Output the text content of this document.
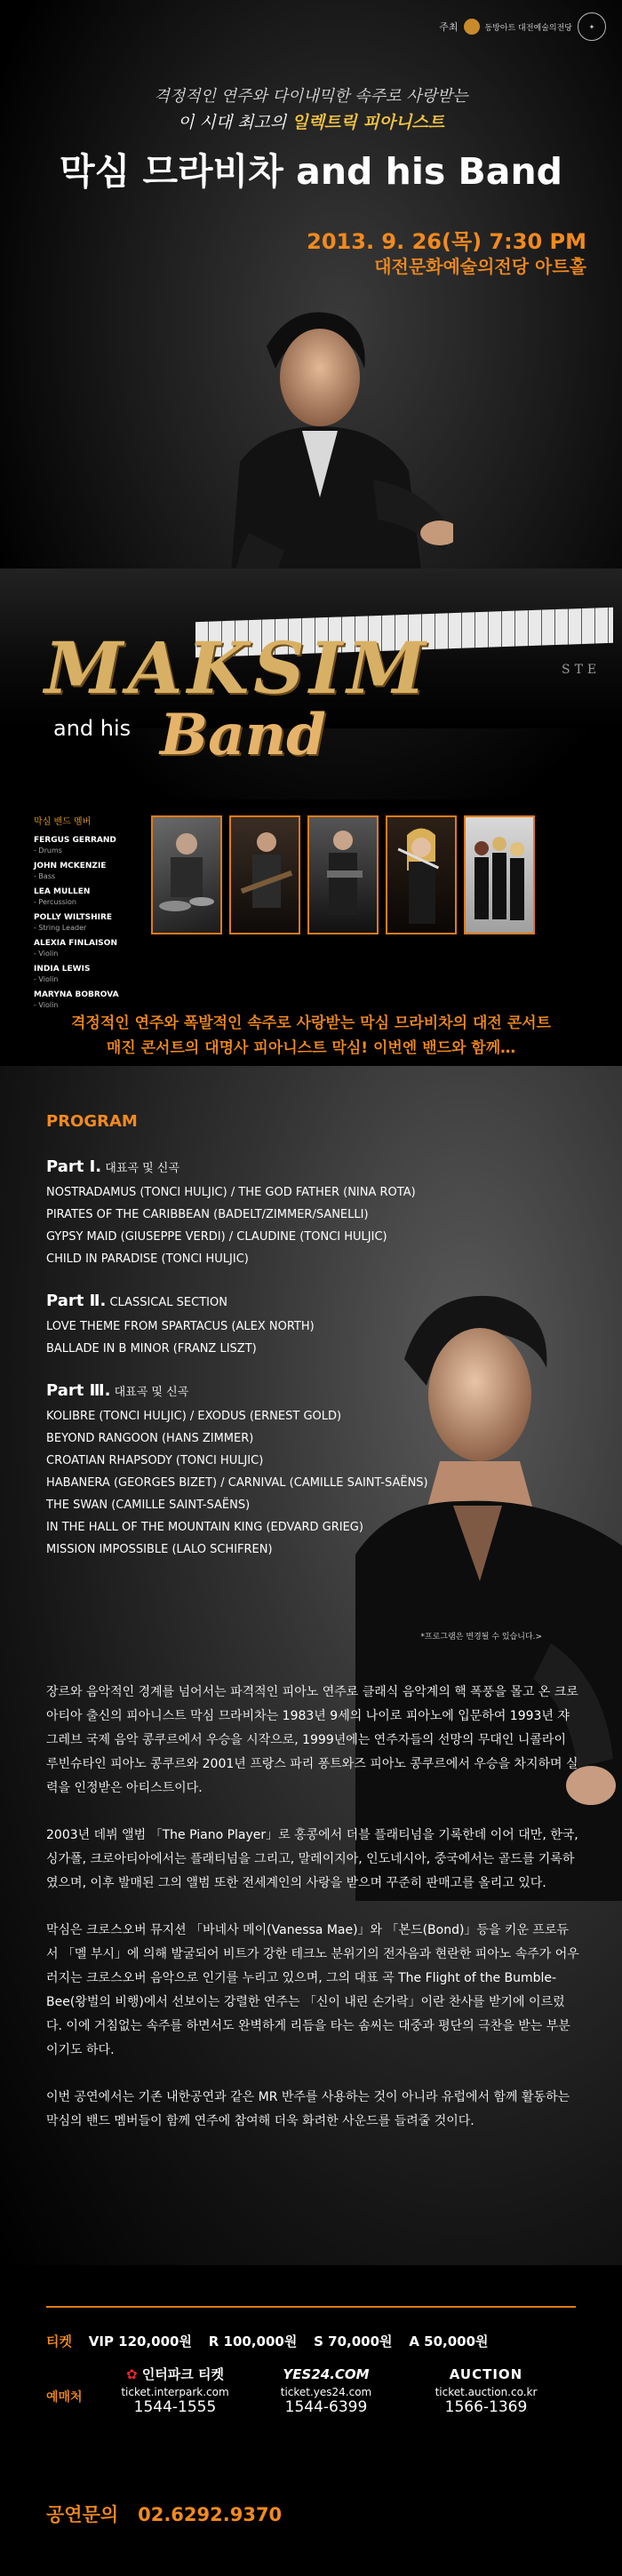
주최	동방아트 대전예술의전당	✦
격정적인 연주와 다이내믹한 속주로 사랑받는
이 시대 최고의 일렉트릭 피아니스트
막심 므라비차 and his Band
2013. 9. 26(목) 7:30 PM
대전문화예술의전당 아트홀
STE
MAKSIM
and his Band
막심 밴드 멤버
FERGUS GERRAND
- Drums
JOHN MCKENZIE
- Bass
LEA MULLEN
- Percussion
POLLY WILTSHIRE
- String Leader
ALEXIA FINLAISON
- Violin
INDIA LEWIS
- Violin
MARYNA BOBROVA
- Violin
격정적인 연주와 폭발적인 속주로 사랑받는 막심 므라비차의 대전 콘서트
매진 콘서트의 대명사 피아니스트 막심! 이번엔 밴드와 함께…
PROGRAM
Part Ⅰ. 대표곡 및 신곡
NOSTRADAMUS (TONCI HULJIC) / THE GOD FATHER (NINA ROTA)
PIRATES OF THE CARIBBEAN (BADELT/ZIMMER/SANELLI)
GYPSY MAID (GIUSEPPE VERDI) / CLAUDINE (TONCI HULJIC)
CHILD IN PARADISE (TONCI HULJIC)
Part Ⅱ. CLASSICAL SECTION
LOVE THEME FROM SPARTACUS (ALEX NORTH)
BALLADE IN B MINOR (FRANZ LISZT)
Part Ⅲ. 대표곡 및 신곡
KOLIBRE (TONCI HULJIC) / EXODUS (ERNEST GOLD)
BEYOND RANGOON (HANS ZIMMER)
CROATIAN RHAPSODY (TONCI HULJIC)
HABANERA (GEORGES BIZET) / CARNIVAL (CAMILLE SAINT-SAËNS)
THE SWAN (CAMILLE SAINT-SAËNS)
IN THE HALL OF THE MOUNTAIN KING (EDVARD GRIEG)
MISSION IMPOSSIBLE (LALO SCHIFREN)
*프로그램은 변경될 수 있습니다.>

장르와 음악적인 경계를 넘어서는 파격적인 피아노 연주로 클래식 음악계의 핵 폭풍을 몰고 온 크로아티아 출신의 피아니스트 막심 므라비차는 1983년 9세의 나이로 피아노에 입문하여 1993년 쟈그레브 국제 음악 콩쿠르에서 우승을 시작으로, 1999년에는 연주자들의 선망의 무대인 니콜라이 루빈슈타인 피아노 콩쿠르와 2001년 프랑스 파리 퐁트와즈 피아노 콩쿠르에서 우승을 차지하며 실력을 인정받은 아티스트이다.

2003년 데뷔 앨범 「The Piano Player」로 홍콩에서 더블 플래티넘을 기록한데 이어 대만, 한국, 싱가폴, 크로아티아에서는 플래티넘을 그리고, 말레이지아, 인도네시아, 중국에서는 골드를 기록하였으며, 이후 발매된 그의 앨범 또한 전세계인의 사랑을 받으며 꾸준히 판매고를 올리고 있다.

막심은 크로스오버 뮤지션 「바네사 메이(Vanessa Mae)」와 「본드(Bond)」등을 키운 프로듀서 「멜 부시」에 의해 발굴되어 비트가 강한 테크노 분위기의 전자음과 현란한 피아노 속주가 어우러지는 크로스오버 음악으로 인기를 누리고 있으며, 그의 대표 곡 The Flight of the Bumble-Bee(왕벌의 비행)에서 선보이는 강렬한 연주는 「신이 내린 손가락」이란 찬사를 받기에 이르렀다. 이에 거침없는 속주를 하면서도 완벽하게 리듬을 타는 솜씨는 대중과 평단의 극찬을 받는 부분이기도 하다.

이번 공연에서는 기존 내한공연과 같은 MR 반주를 사용하는 것이 아니라 유럽에서 함께 활동하는 막심의 밴드 멤버들이 함께 연주에 참여해 더욱 화려한 사운드를 들려줄 것이다.

티켓 VIP 120,000원 R 100,000원 S 70,000원 A 50,000원
예매처
✿ 인터파크 티켓
ticket.interpark.com
1544-1555
YES24.COM
ticket.yes24.com
1544-6399
AUCTION
ticket.auction.co.kr
1566-1369
공연문의 02.6292.9370
